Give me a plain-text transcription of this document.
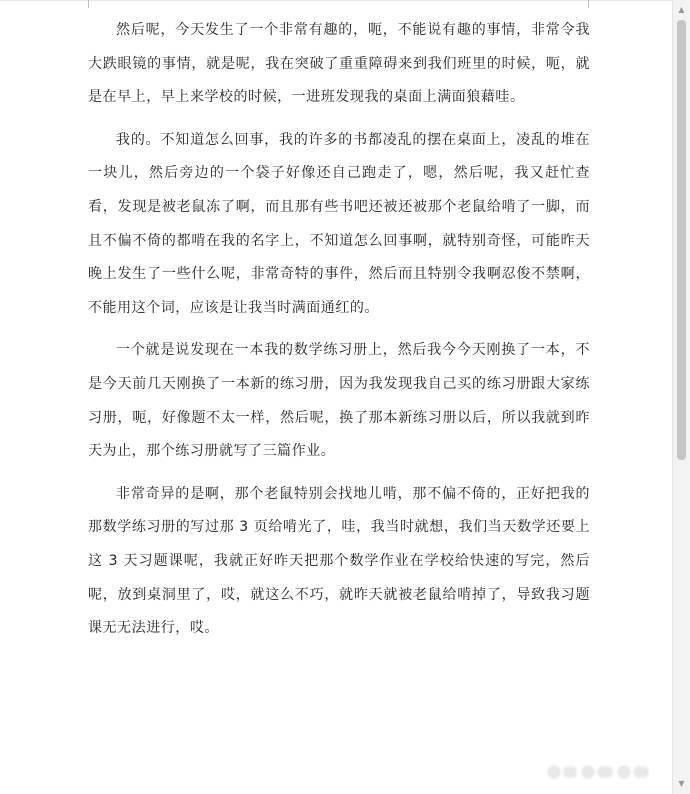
然后呢，今天发生了一个非常有趣的，呃，不能说有趣的事情，非常令我大跌眼镜的事情，就是呢，我在突破了重重障碍来到我们班里的时候，呃，就是在早上，早上来学校的时候，一进班发现我的桌面上满面狼藉哇。

我的。不知道怎么回事，我的许多的书都凌乱的摆在桌面上，凌乱的堆在一块儿，然后旁边的一个袋子好像还自己跑走了，嗯，然后呢，我又赶忙查看，发现是被老鼠冻了啊，而且那有些书吧还被还被那个老鼠给啃了一脚，而且不偏不倚的都啃在我的名字上，不知道怎么回事啊，就特别奇怪，可能昨天晚上发生了一些什么呢，非常奇特的事件，然后而且特别令我啊忍俊不禁啊，不能用这个词，应该是让我当时满面通红的。

一个就是说发现在一本我的数学练习册上，然后我今今天刚换了一本，不是今天前几天刚换了一本新的练习册，因为我发现我自己买的练习册跟大家练习册，呃，好像题不太一样，然后呢，换了那本新练习册以后，所以我就到昨天为止，那个练习册就写了三篇作业。

非常奇异的是啊，那个老鼠特别会找地儿啃，那不偏不倚的，正好把我的那数学练习册的写过那 3 页给啃光了，哇，我当时就想，我们当天数学还要上这 3 天习题课呢，我就正好昨天把那个数学作业在学校给快速的写完，然后呢，放到桌洞里了，哎，就这么不巧，就昨天就被老鼠给啃掉了，导致我习题课无无法进行，哎。

▲
▼
